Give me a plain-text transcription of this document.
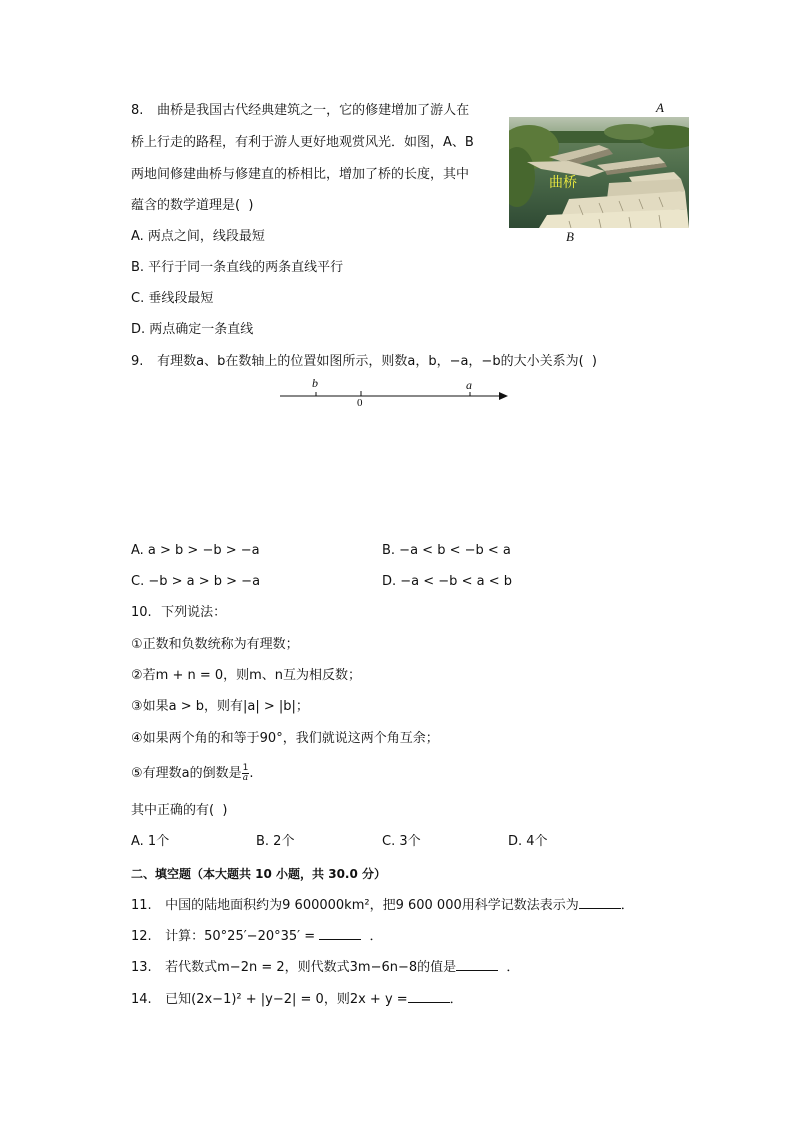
8. 曲桥是我国古代经典建筑之一，它的修建增加了游人在
桥上行走的路程，有利于游人更好地观赏风光．如图，A、B
两地间修建曲桥与修建直的桥相比，增加了桥的长度，其中
蕴含的数学道理是(  )
A. 两点之间，线段最短
B. 平行于同一条直线的两条直线平行
C. 垂线段最短
D. 两点确定一条直线
A
曲桥
B
9. 有理数a、b在数轴上的位置如图所示，则数a，b，−a，−b的大小关系为(  )
b
0
a
A. a > b > −b > −a	B. −a < b < −b < a
C. −b > a > b > −a	D. −a < −b < a < b
10. 下列说法：
①正数和负数统称为有理数；
②若m + n = 0，则m、n互为相反数；
③如果a > b，则有|a| > |b|；
④如果两个角的和等于90°，我们就说这两个角互余；
⑤有理数a的倒数是 $\frac{1}{a}$ .
其中正确的有(  )
A. 1个	B. 2个	C. 3个	D. 4个
二、填空题（本大题共 10 小题，共 30.0 分）
11. 中国的陆地面积约为9 600000km²，把9 600 000用科学记数法表示为	．
12. 计算：50°25′−20°35′ =	．
13. 若代数式m−2n = 2，则代数式3m−6n−8的值是	．
14. 已知(2x−1)² + |y−2| = 0，则2x + y =	．
